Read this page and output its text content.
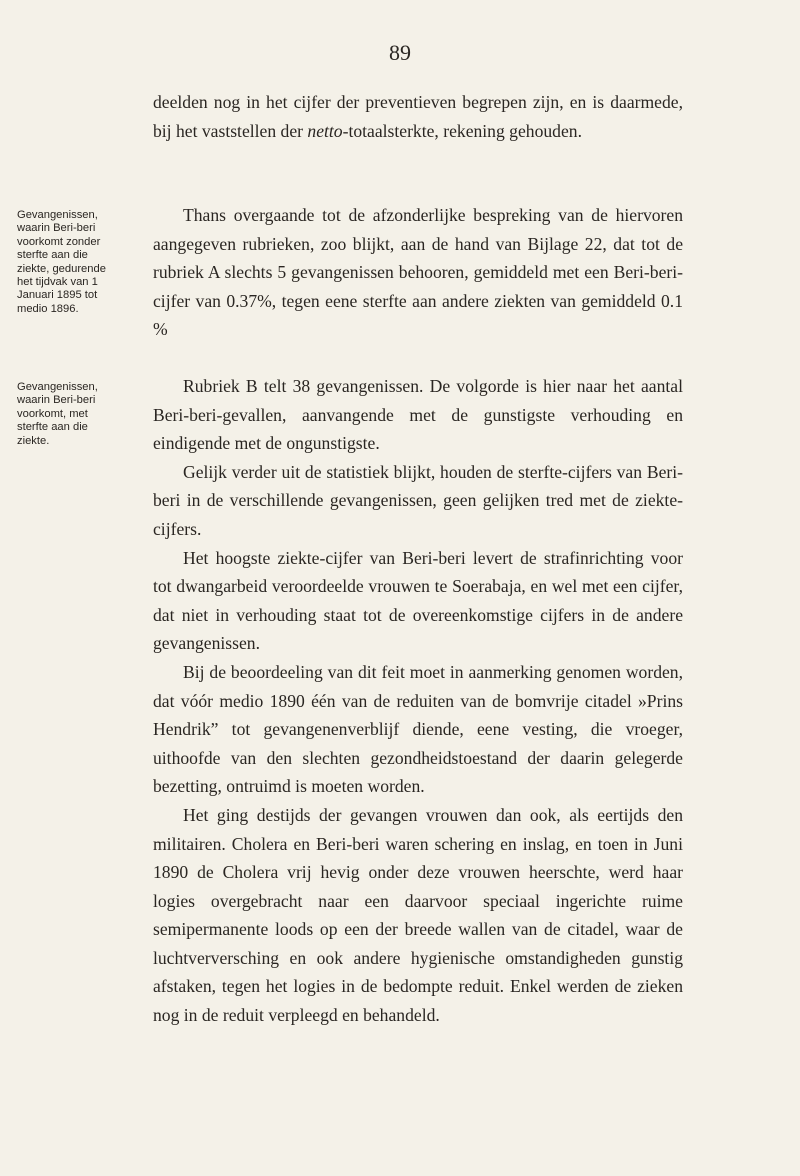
89

deelden nog in het cijfer der preventieven begrepen zijn, en is daarmede, bij het vaststellen der netto-totaalsterkte, rekening gehouden.

Gevangenissen,
waarin Beri-beri
voorkomt zonder
sterfte aan die
ziekte, gedurende
het tijdvak van 1
Januari 1895 tot
medio 1896.

Thans overgaande tot de afzonderlijke bespreking van de hiervoren aangegeven rubrieken, zoo blijkt, aan de hand van Bijlage 22, dat tot de rubriek A slechts 5 gevangenissen behooren, gemiddeld met een Beri-beri-cijfer van 0.37%, tegen eene sterfte aan andere ziekten van gemiddeld 0.1 %

Gevangenissen,
waarin Beri-beri
voorkomt, met
sterfte aan die
ziekte.

Rubriek B telt 38 gevangenissen. De volgorde is hier naar het aantal Beri-beri-gevallen, aanvangende met de gunstigste verhouding en eindigende met de ongunstigste.

Gelijk verder uit de statistiek blijkt, houden de sterfte-cijfers van Beri-beri in de verschillende gevangenissen, geen gelijken tred met de ziekte-cijfers.

Het hoogste ziekte-cijfer van Beri-beri levert de strafinrichting voor tot dwangarbeid veroordeelde vrouwen te Soerabaja, en wel met een cijfer, dat niet in verhouding staat tot de overeenkomstige cijfers in de andere gevangenissen.

Bij de beoordeeling van dit feit moet in aanmerking genomen worden, dat vóór medio 1890 één van de reduiten van de bomvrije citadel »Prins Hendrik” tot gevangenenverblijf diende, eene vesting, die vroeger, uithoofde van den slechten gezondheidstoestand der daarin gelegerde bezetting, ontruimd is moeten worden.

Het ging destijds der gevangen vrouwen dan ook, als eertijds den militairen. Cholera en Beri-beri waren schering en inslag, en toen in Juni 1890 de Cholera vrij hevig onder deze vrouwen heerschte, werd haar logies overgebracht naar een daarvoor speciaal ingerichte ruime semipermanente loods op een der breede wallen van de citadel, waar de luchtverversching en ook andere hygienische omstandigheden gunstig afstaken, tegen het logies in de bedompte reduit. Enkel werden de zieken nog in de reduit verpleegd en behandeld.
